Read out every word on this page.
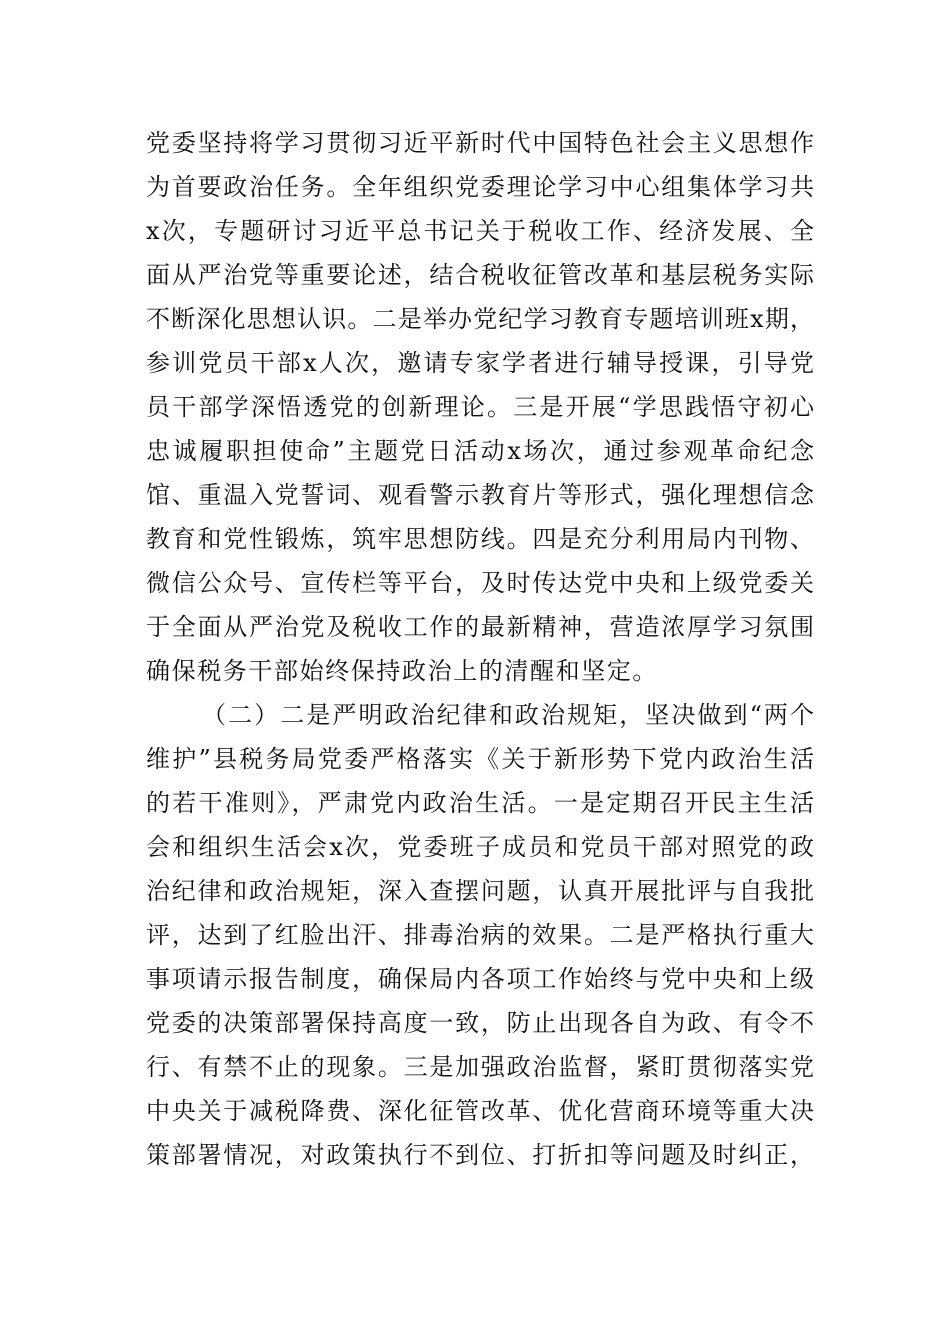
党委坚持将学习贯彻习近平新时代中国特色社会主义思想作
为首要政治任务。全年组织党委理论学习中心组集体学习共
x次，专题研讨习近平总书记关于税收工作、经济发展、全
面从严治党等重要论述，结合税收征管改革和基层税务实际
不断深化思想认识。二是举办党纪学习教育专题培训班x期，
参训党员干部x人次，邀请专家学者进行辅导授课，引导党
员干部学深悟透党的创新理论。三是开展“学思践悟守初心
忠诚履职担使命”主题党日活动x场次，通过参观革命纪念
馆、重温入党誓词、观看警示教育片等形式，强化理想信念
教育和党性锻炼，筑牢思想防线。四是充分利用局内刊物、
微信公众号、宣传栏等平台，及时传达党中央和上级党委关
于全面从严治党及税收工作的最新精神，营造浓厚学习氛围
确保税务干部始终保持政治上的清醒和坚定。
（二）二是严明政治纪律和政治规矩，坚决做到“两个
维护”县税务局党委严格落实《关于新形势下党内政治生活
的若干准则》，严肃党内政治生活。一是定期召开民主生活
会和组织生活会x次，党委班子成员和党员干部对照党的政
治纪律和政治规矩，深入查摆问题，认真开展批评与自我批
评，达到了红脸出汗、排毒治病的效果。二是严格执行重大
事项请示报告制度，确保局内各项工作始终与党中央和上级
党委的决策部署保持高度一致，防止出现各自为政、有令不
行、有禁不止的现象。三是加强政治监督，紧盯贯彻落实党
中央关于减税降费、深化征管改革、优化营商环境等重大决
策部署情况，对政策执行不到位、打折扣等问题及时纠正，
